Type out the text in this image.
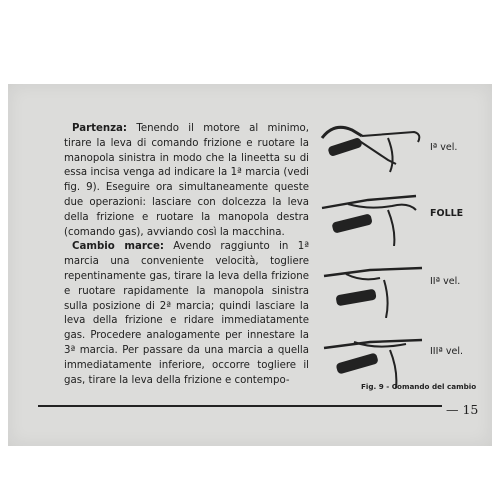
Partenza: Tenendo il motore al minimo, tirare la leva di comando frizione e ruotare la manopola sinistra in modo che la lineetta su di essa incisa venga ad indicare la 1ª marcia (vedi fig. 9). Eseguire ora simultaneamente queste due operazioni: lasciare con dolcezza la leva della frizione e ruotare la manopola destra (comando gas), avviando così la macchina.

Cambio marce: Avendo raggiunto in 1ª marcia una conveniente velocità, togliere repentinamente gas, tirare la leva della frizione e ruotare rapidamente la manopola sinistra sulla posizione di 2ª marcia; quindi lasciare la leva della frizione e ridare immediatamente gas. Procedere analogamente per innestare la 3ª marcia. Per passare da una marcia a quella immediatamente inferiore, occorre togliere il gas, tirare la leva della frizione e contempo-

Iª vel.
FOLLE
IIª vel.
IIIª vel.
Fig. 9 - Comando del cambio
— 15
